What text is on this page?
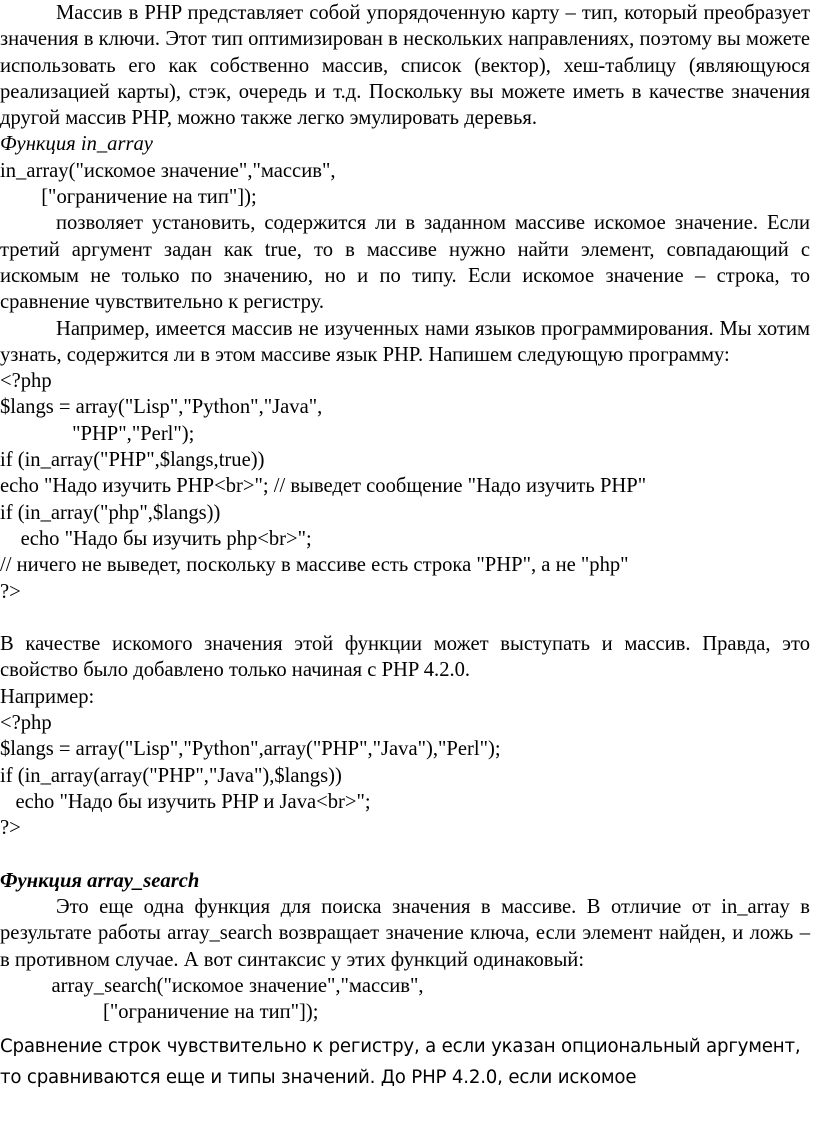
Массив в PHP представляет собой упорядоченную карту – тип, который преобразует значения в ключи. Этот тип оптимизирован в нескольких направлениях, поэтому вы можете использовать его как собственно массив, список (вектор), хеш-таблицу (являющуюся реализацией карты), стэк, очередь и т.д. Поскольку вы можете иметь в качестве значения другой массив PHP, можно также легко эмулировать деревья.

Функция in_array

in_array("искомое значение","массив",

["ограничение на тип"]);

позволяет установить, содержится ли в заданном массиве искомое значение. Если третий аргумент задан как true, то в массиве нужно найти элемент, совпадающий с искомым не только по значению, но и по типу. Если искомое значение – строка, то сравнение чувствительно к регистру.

Например, имеется массив не изученных нами языков программирования. Мы хотим узнать, содержится ли в этом массиве язык PHP. Напишем следующую программу:

<?php

$langs = array("Lisp","Python","Java",

"PHP","Perl");

if (in_array("PHP",$langs,true))

echo "Надо изучить PHP<br>"; // выведет сообщение "Надо изучить PHP"

if (in_array("php",$langs))

echo "Надо бы изучить php<br>";

// ничего не выведет, поскольку в массиве есть строка "PHP", а не "php"

?>

В качестве искомого значения этой функции может выступать и массив. Правда, это свойство было добавлено только начиная с PHP 4.2.0.

Например:

<?php

$langs = array("Lisp","Python",array("PHP","Java"),"Perl");

if (in_array(array("PHP","Java"),$langs))

echo "Надо бы изучить PHP и Java<br>";

?>

Функция array_search

Это еще одна функция для поиска значения в массиве. В отличие от in_array в результате работы array_search возвращает значение ключа, если элемент найден, и ложь – в противном случае. А вот синтаксис у этих функций одинаковый:

array_search("искомое значение","массив",

["ограничение на тип"]);

Сравнение строк чувствительно к регистру, а если указан опциональный аргумент,

то сравниваются еще и типы значений. До PHP 4.2.0, если искомое
